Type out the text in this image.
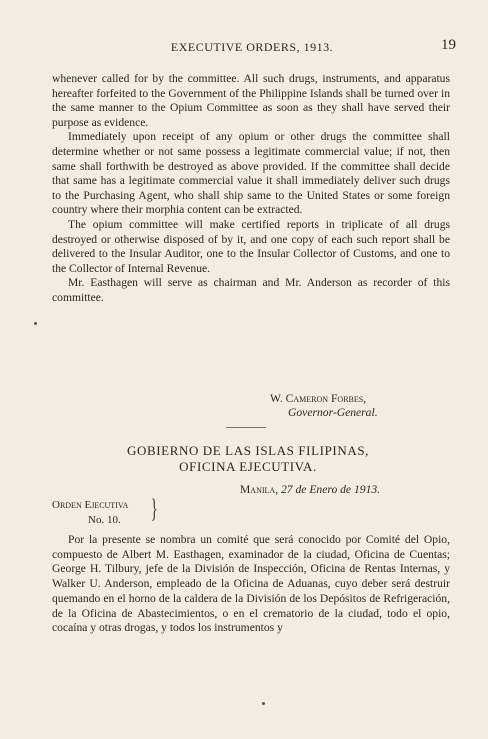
EXECUTIVE ORDERS, 1913.	19

whenever called for by the committee. All such drugs, instruments, and apparatus hereafter forfeited to the Government of the Philippine Islands shall be turned over in the same manner to the Opium Committee as soon as they shall have served their purpose as evidence.

Immediately upon receipt of any opium or other drugs the committee shall determine whether or not same possess a legitimate commercial value; if not, then same shall forthwith be destroyed as above provided. If the committee shall decide that same has a legitimate commercial value it shall immediately deliver such drugs to the Purchasing Agent, who shall ship same to the United States or some foreign country where their morphia content can be extracted.

The opium committee will make certified reports in triplicate of all drugs destroyed or otherwise disposed of by it, and one copy of each such report shall be delivered to the Insular Auditor, one to the Insular Collector of Customs, and one to the Collector of Internal Revenue.

Mr. Easthagen will serve as chairman and Mr. Anderson as recorder of this committee.

W. Cameron Forbes,
Governor-General.
GOBIERNO DE LAS ISLAS FILIPINAS,
OFICINA EJECUTIVA.
Manila, 27 de Enero de 1913.
Orden Ejecutiva
No. 10. }

Por la presente se nombra un comité que será conocido por Comité del Opio, compuesto de Albert M. Easthagen, examinador de la ciudad, Oficina de Cuentas; George H. Tilbury, jefe de la División de Inspección, Oficina de Rentas Internas, y Walker U. Anderson, empleado de la Oficina de Aduanas, cuyo deber será destruir quemando en el horno de la caldera de la División de los Depósitos de Refrigeración, de la Oficina de Abastecimientos, o en el crematorio de la ciudad, todo el opio, cocaína y otras drogas, y todos los instrumentos y
